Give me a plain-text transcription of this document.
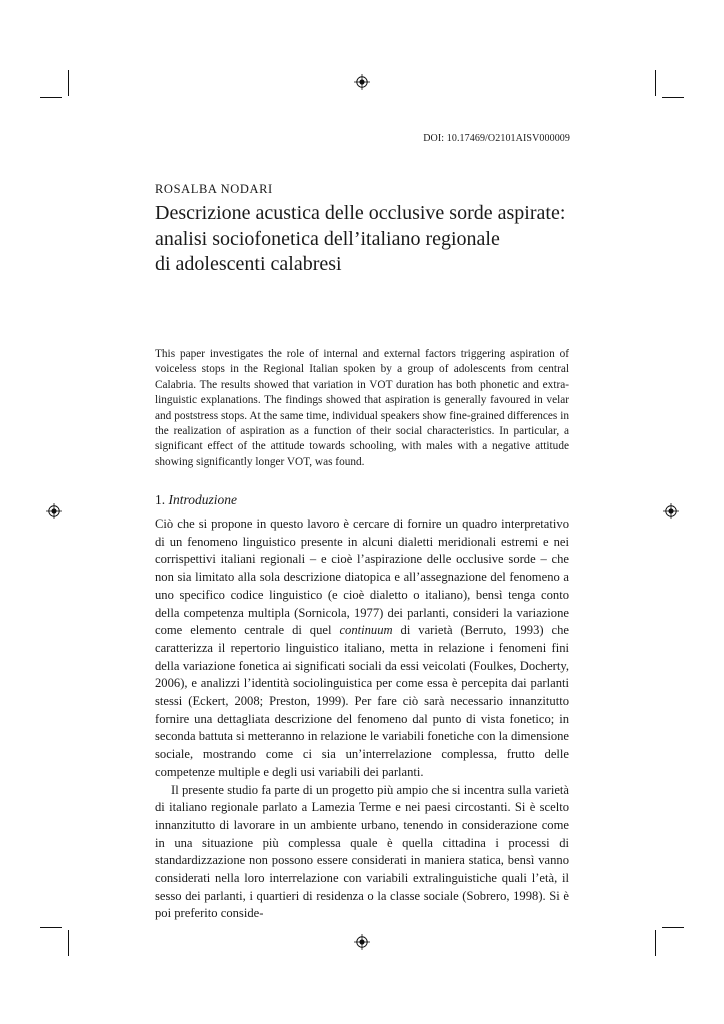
DOI: 10.17469/O2101AISV000009
ROSALBA NODARI
Descrizione acustica delle occlusive sorde aspirate:
analisi sociofonetica dell’italiano regionale
di adolescenti calabresi

This paper investigates the role of internal and external factors triggering aspiration of voiceless stops in the Regional Italian spoken by a group of adolescents from central Calabria. The results showed that variation in VOT duration has both phonetic and extra-linguistic explanations. The findings showed that aspiration is generally favoured in velar and poststress stops. At the same time, individual speakers show fine-grained differences in the realization of aspiration as a function of their social characteristics. In particular, a significant effect of the attitude towards schooling, with males with a negative attitude showing significantly longer VOT, was found.

1. Introduzione

Ciò che si propone in questo lavoro è cercare di fornire un quadro interpretativo di un fenomeno linguistico presente in alcuni dialetti meridionali estremi e nei corrispettivi italiani regionali – e cioè l’aspirazione delle occlusive sorde – che non sia limitato alla sola descrizione diatopica e all’assegnazione del fenomeno a uno specifico codice linguistico (e cioè dialetto o italiano), bensì tenga conto della competenza multipla (Sornicola, 1977) dei parlanti, consideri la variazione come elemento centrale di quel continuum di varietà (Berruto, 1993) che caratterizza il repertorio linguistico italiano, metta in relazione i fenomeni fini della variazione fonetica ai significati sociali da essi veicolati (Foulkes, Docherty, 2006), e analizzi l’identità sociolinguistica per come essa è percepita dai parlanti stessi (Eckert, 2008; Preston, 1999). Per fare ciò sarà necessario innanzitutto fornire una dettagliata descrizione del fenomeno dal punto di vista fonetico; in seconda battuta si metteranno in relazione le variabili fonetiche con la dimensione sociale, mostrando come ci sia un’interrelazione complessa, frutto delle competenze multiple e degli usi variabili dei parlanti.

Il presente studio fa parte di un progetto più ampio che si incentra sulla varietà di italiano regionale parlato a Lamezia Terme e nei paesi circostanti. Si è scelto innanzitutto di lavorare in un ambiente urbano, tenendo in considerazione come in una situazione più complessa quale è quella cittadina i processi di standardizzazione non possono essere considerati in maniera statica, bensì vanno considerati nella loro interrelazione con variabili extralinguistiche quali l’età, il sesso dei parlanti, i quartieri di residenza o la classe sociale (Sobrero, 1998). Si è poi preferito conside-
